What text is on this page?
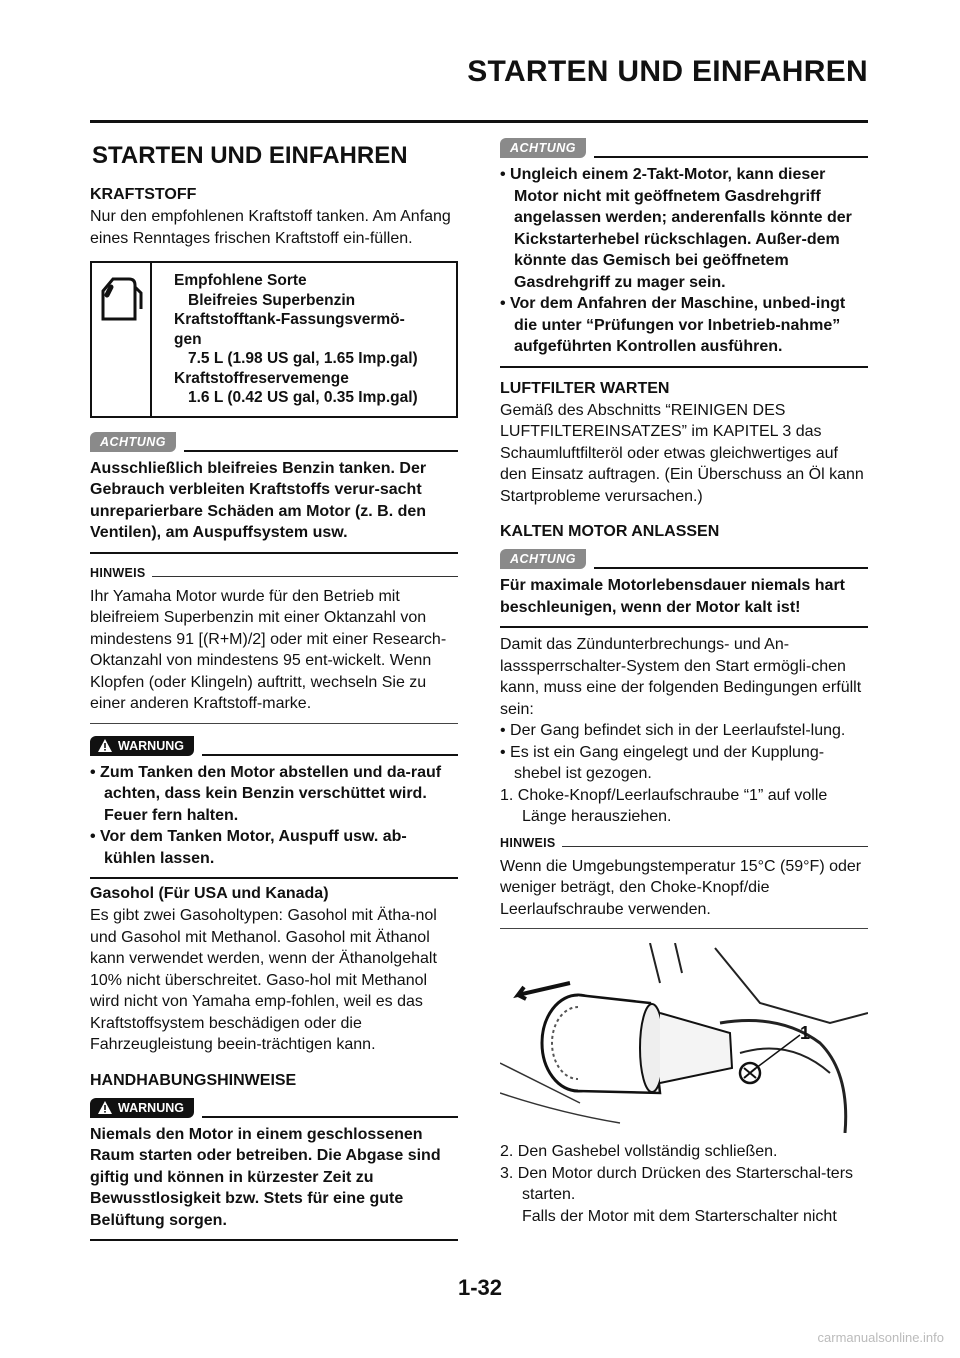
STARTEN UND EINFAHREN
STARTEN UND EINFAHREN
KRAFTSTOFF

Nur den empfohlenen Kraftstoff tanken. Am Anfang eines Renntages frischen Kraftstoff ein-füllen.

Empfohlene Sorte
Bleifreies Superbenzin
Kraftstofftank-Fassungsvermö-
gen
7.5 L (1.98 US gal, 1.65 Imp.gal)
Kraftstoffreservemenge
1.6 L (0.42 US gal, 0.35 Imp.gal)
ACHTUNG
Ausschließlich bleifreies Benzin tanken. Der Gebrauch verbleiten Kraftstoffs verur-sacht unreparierbare Schäden am Motor (z. B. den Ventilen), am Auspuffsystem usw.
HINWEIS

Ihr Yamaha Motor wurde für den Betrieb mit bleifreiem Superbenzin mit einer Oktanzahl von mindestens 91 [(R+M)/2] oder mit einer Research-Oktanzahl von mindestens 95 ent-wickelt. Wenn Klopfen (oder Klingeln) auftritt, wechseln Sie zu einer anderen Kraftstoff-marke.

WARNUNG
• Zum Tanken den Motor abstellen und da-rauf achten, dass kein Benzin verschüttet wird. Feuer fern halten.
• Vor dem Tanken Motor, Auspuff usw. ab-kühlen lassen.
Gasohol (Für USA und Kanada)

Es gibt zwei Gasoholtypen: Gasohol mit Ätha-nol und Gasohol mit Methanol. Gasohol mit Äthanol kann verwendet werden, wenn der Äthanolgehalt 10% nicht überschreitet. Gaso-hol mit Methanol wird nicht von Yamaha emp-fohlen, weil es das Kraftstoffsystem beschädigen oder die Fahrzeugleistung beein-trächtigen kann.

HANDHABUNGSHINWEISE
WARNUNG
Niemals den Motor in einem geschlossenen Raum starten oder betreiben. Die Abgase sind giftig und können in kürzester Zeit zu Bewusstlosigkeit bzw. Stets für eine gute Belüftung sorgen.
ACHTUNG
• Ungleich einem 2-Takt-Motor, kann dieser Motor nicht mit geöffnetem Gasdrehgriff angelassen werden; anderenfalls könnte der Kickstarterhebel rückschlagen. Außer-dem könnte das Gemisch bei geöffnetem Gasdrehgriff zu mager sein.
• Vor dem Anfahren der Maschine, unbed-ingt die unter “Prüfungen vor Inbetrieb-nahme” aufgeführten Kontrollen ausführen.
LUFTFILTER WARTEN

Gemäß des Abschnitts “REINIGEN DES LUFTFILTEREINSATZES” im KAPITEL 3 das Schaumluftfilteröl oder etwas gleichwertiges auf den Einsatz auftragen. (Ein Überschuss an Öl kann Startprobleme verursachen.)

KALTEN MOTOR ANLASSEN
ACHTUNG
Für maximale Motorlebensdauer niemals hart beschleunigen, wenn der Motor kalt ist!

Damit das Zündunterbrechungs- und An-lasssperrschalter-System den Start ermögli-chen kann, muss eine der folgenden Bedingungen erfüllt sein:

• Der Gang befindet sich in der Leerlaufstel-lung.

• Es ist ein Gang eingelegt und der Kupplung-shebel ist gezogen.

1. Choke-Knopf/Leerlaufschraube “1” auf volle Länge herausziehen.

HINWEIS

Wenn die Umgebungstemperatur 15°C (59°F) oder weniger beträgt, den Choke-Knopf/die Leerlaufschraube verwenden.

1

2. Den Gashebel vollständig schließen.

3. Den Motor durch Drücken des Starterschal-ters starten.

Falls der Motor mit dem Starterschalter nicht

1-32
carmanualsonline.info
